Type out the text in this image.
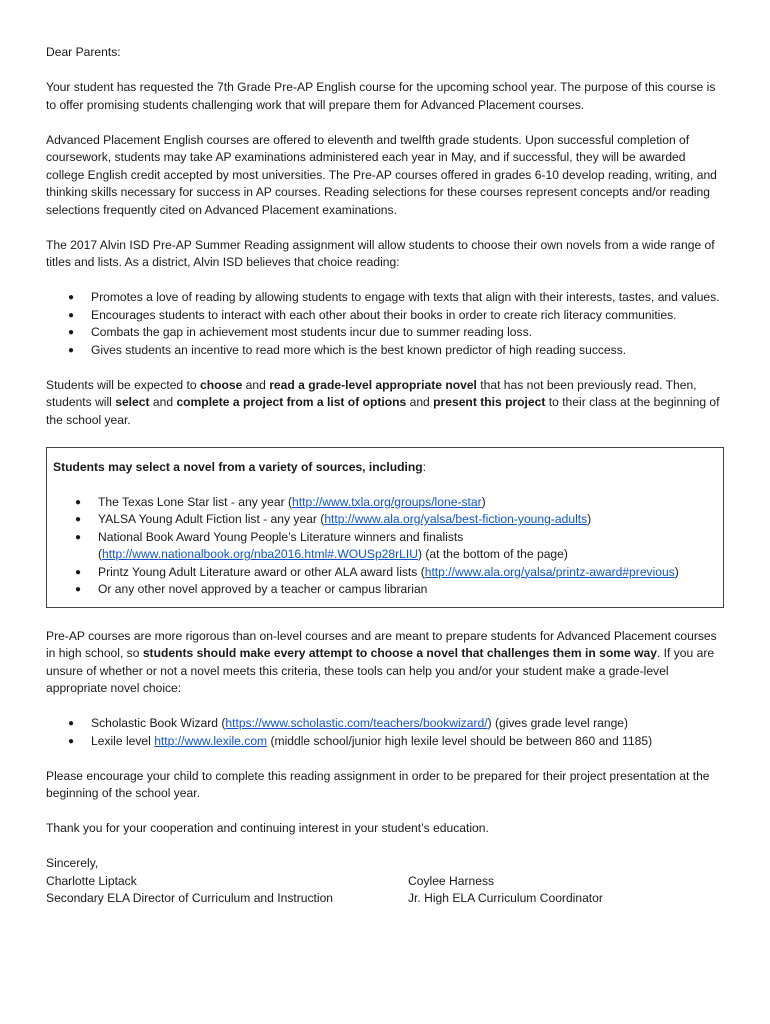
Dear Parents:

Your student has requested the 7th Grade Pre-AP English course for the upcoming school year. The purpose of this course is to offer promising students challenging work that will prepare them for Advanced Placement courses.

Advanced Placement English courses are offered to eleventh and twelfth grade students. Upon successful completion of coursework, students may take AP examinations administered each year in May, and if successful, they will be awarded college English credit accepted by most universities. The Pre-AP courses offered in grades 6-10 develop reading, writing, and thinking skills necessary for success in AP courses. Reading selections for these courses represent concepts and/or reading selections frequently cited on Advanced Placement examinations.

The 2017 Alvin ISD Pre-AP Summer Reading assignment will allow students to choose their own novels from a wide range of titles and lists. As a district, Alvin ISD believes that choice reading:

● Promotes a love of reading by allowing students to engage with texts that align with their interests, tastes, and values.
● Encourages students to interact with each other about their books in order to create rich literacy communities.
● Combats the gap in achievement most students incur due to summer reading loss.
● Gives students an incentive to read more which is the best known predictor of high reading success.

Students will be expected to choose and read a grade-level appropriate novel that has not been previously read. Then, students will select and complete a project from a list of options and present this project to their class at the beginning of the school year.

Students may select a novel from a variety of sources, including:

● The Texas Lone Star list - any year (http://www.txla.org/groups/lone-star)
● YALSA Young Adult Fiction list - any year (http://www.ala.org/yalsa/best-fiction-young-adults)
● National Book Award Young People’s Literature winners and finalists (http://www.nationalbook.org/nba2016.html#.WOUSp28rLIU) (at the bottom of the page)
● Printz Young Adult Literature award or other ALA award lists (http://www.ala.org/yalsa/printz-award#previous)
● Or any other novel approved by a teacher or campus librarian

Pre-AP courses are more rigorous than on-level courses and are meant to prepare students for Advanced Placement courses in high school, so students should make every attempt to choose a novel that challenges them in some way. If you are unsure of whether or not a novel meets this criteria, these tools can help you and/or your student make a grade-level appropriate novel choice:

● Scholastic Book Wizard (https://www.scholastic.com/teachers/bookwizard/) (gives grade level range)
● Lexile level http://www.lexile.com (middle school/junior high lexile level should be between 860 and 1185)

Please encourage your child to complete this reading assignment in order to be prepared for their project presentation at the beginning of the school year.

Thank you for your cooperation and continuing interest in your student’s education.

Sincerely,
Charlotte Liptack
Secondary ELA Director of Curriculum and Instruction
Coylee Harness
Jr. High ELA Curriculum Coordinator
